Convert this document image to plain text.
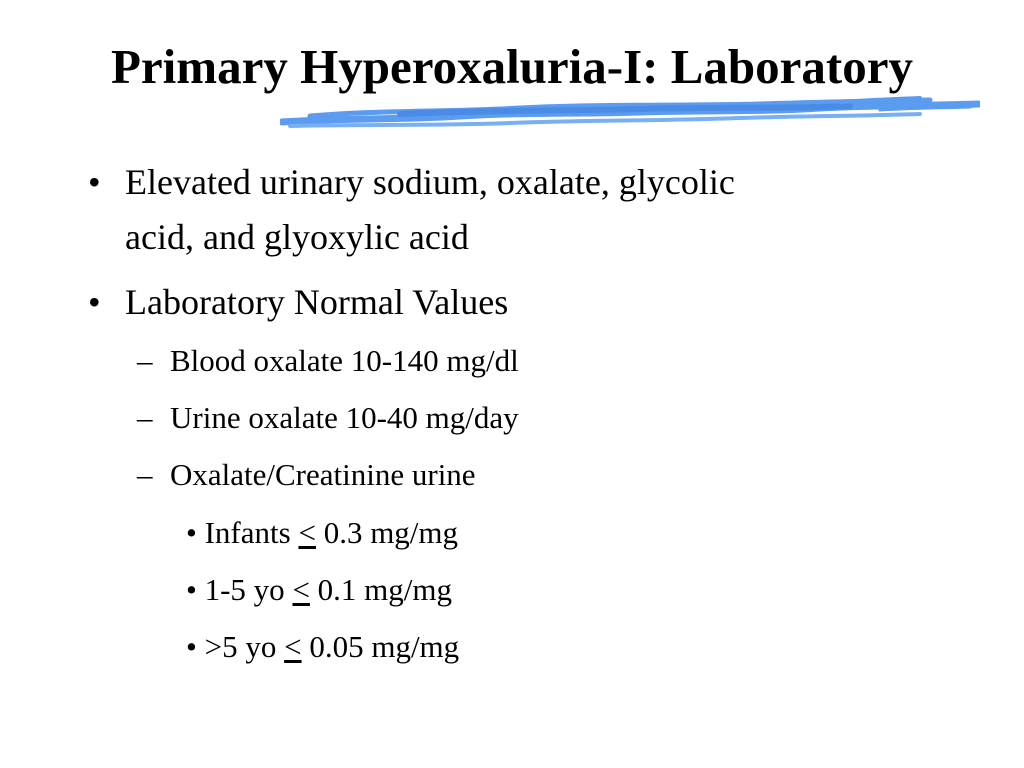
Primary Hyperoxaluria-I: Laboratory
• Elevated urinary sodium, oxalate, glycolic
acid, and glyoxylic acid
• Laboratory Normal Values
– Blood oxalate 10-140 mg/dl
– Urine oxalate 10-40 mg/day
– Oxalate/Creatinine urine
• Infants ≤ 0.3 mg/mg
• 1-5 yo ≤ 0.1 mg/mg
• >5 yo ≤ 0.05 mg/mg
